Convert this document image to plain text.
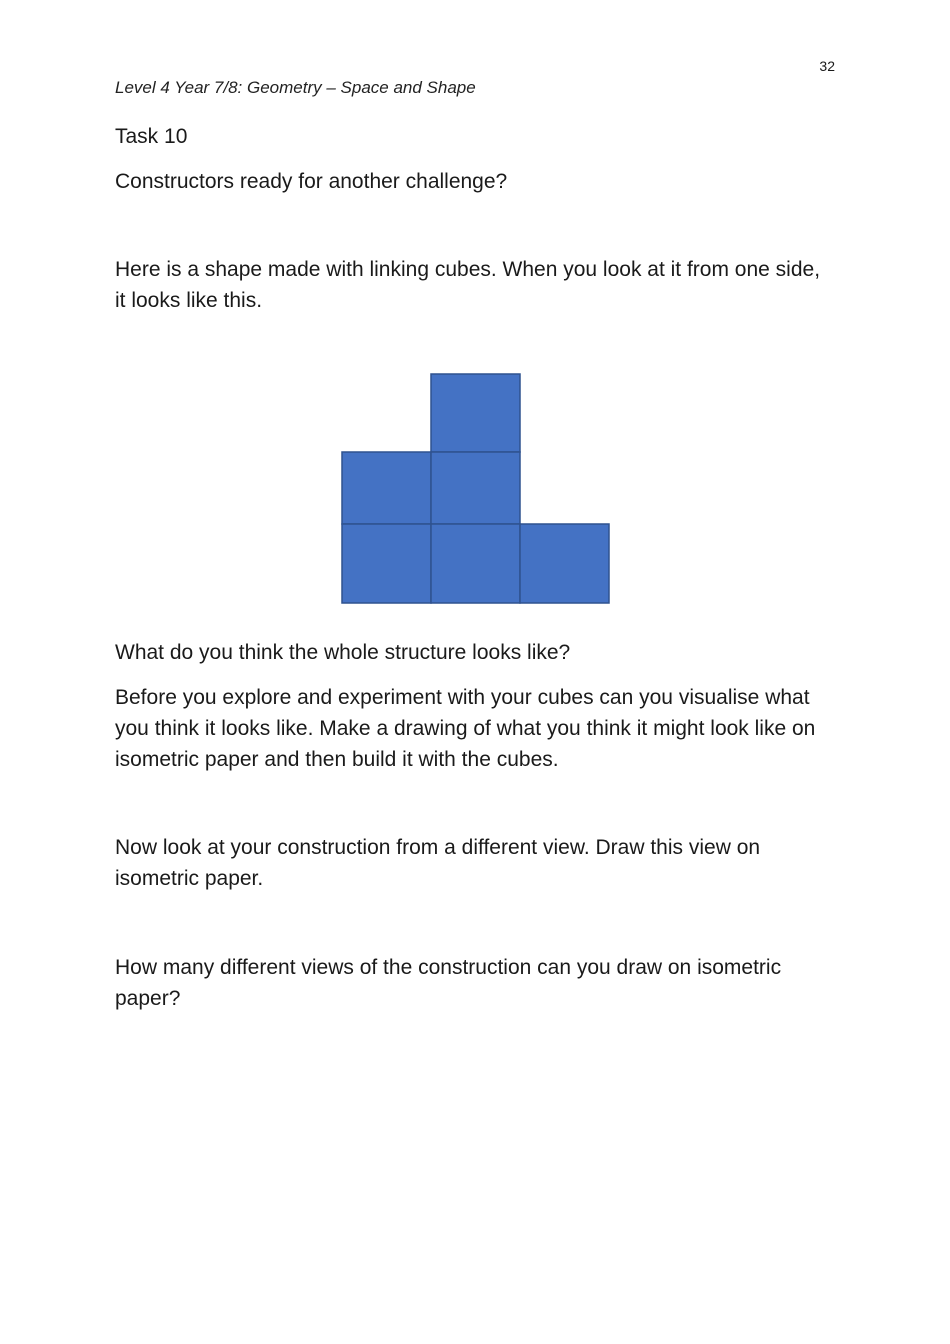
32
Level 4 Year 7/8: Geometry – Space and Shape

Task 10

Constructors ready for another challenge?

Here is a shape made with linking cubes. When you look at it from one side, it looks like this.

What do you think the whole structure looks like?

Before you explore and experiment with your cubes can you visualise what you think it looks like. Make a drawing of what you think it might look like on isometric paper and then build it with the cubes.

Now look at your construction from a different view. Draw this view on isometric paper.

How many different views of the construction can you draw on isometric paper?
